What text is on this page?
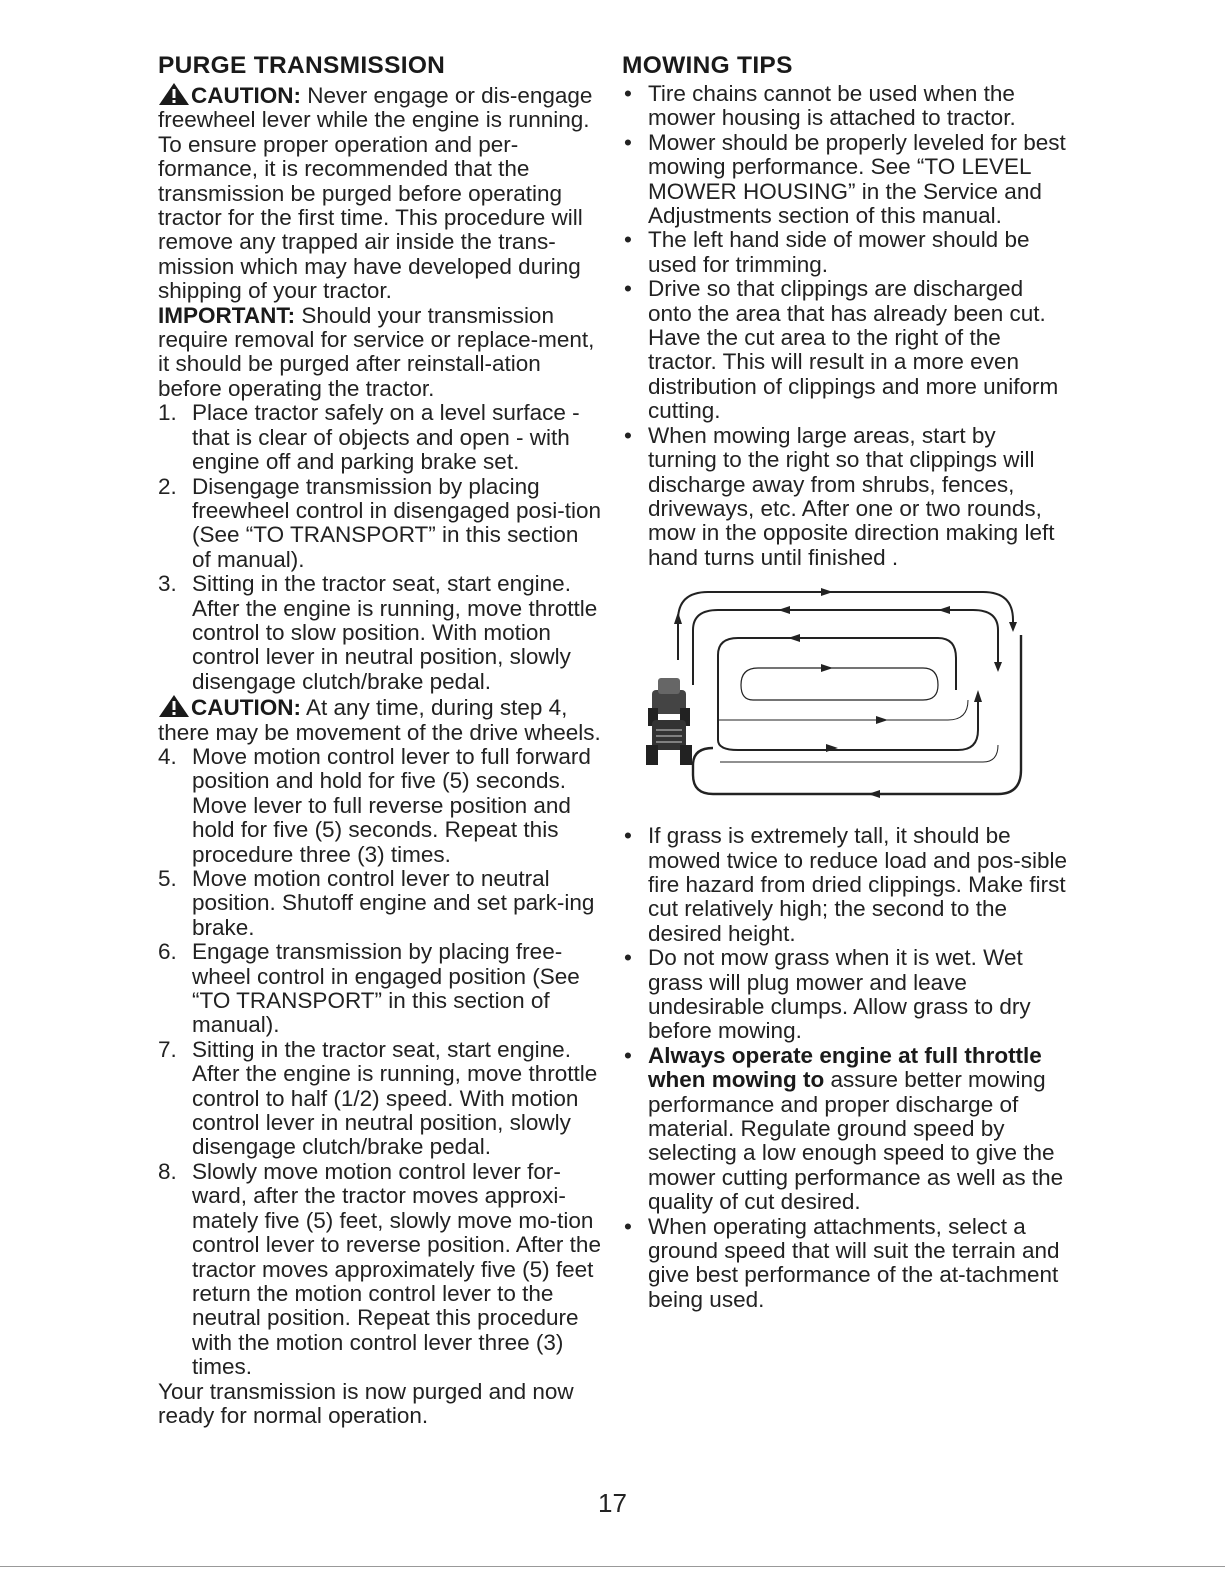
PURGE TRANSMISSION

CAUTION: Never engage or dis-engage freewheel lever while the engine is running.

To ensure proper operation and per-formance, it is recommended that the transmission be purged before operating tractor for the first time. This procedure will remove any trapped air inside the trans-mission which may have developed during shipping of your tractor.

IMPORTANT: Should your transmission require removal for service or replace-ment, it should be purged after reinstall-ation before operating the tractor.

1. Place tractor safely on a level surface - that is clear of objects and open - with engine off and parking brake set.
2. Disengage transmission by placing freewheel control in disengaged posi-tion (See “TO TRANSPORT” in this section of manual).
3. Sitting in the tractor seat, start engine. After the engine is running, move throttle control to slow position. With motion control lever in neutral position, slowly disengage clutch/brake pedal.

CAUTION: At any time, during step 4, there may be movement of the drive wheels.

4. Move motion control lever to full forward position and hold for five (5) seconds. Move lever to full reverse position and hold for five (5) seconds. Repeat this procedure three (3) times.
5. Move motion control lever to neutral position. Shutoff engine and set park-ing brake.
6. Engage transmission by placing free-wheel control in engaged position (See “TO TRANSPORT” in this section of manual).
7. Sitting in the tractor seat, start engine. After the engine is running, move throttle control to half (1/2) speed. With motion control lever in neutral position, slowly disengage clutch/brake pedal.
8. Slowly move motion control lever for-ward, after the tractor moves approxi-mately five (5) feet, slowly move mo-tion control lever to reverse position. After the tractor moves approximately five (5) feet return the motion control lever to the neutral position. Repeat this procedure with the motion control lever three (3) times.

Your transmission is now purged and now ready for normal operation.

MOWING TIPS
• Tire chains cannot be used when the mower housing is attached to tractor.
• Mower should be properly leveled for best mowing performance. See “TO LEVEL MOWER HOUSING” in the Service and Adjustments section of this manual.
• The left hand side of mower should be used for trimming.
• Drive so that clippings are discharged onto the area that has already been cut. Have the cut area to the right of the tractor. This will result in a more even distribution of clippings and more uniform cutting.
• When mowing large areas, start by turning to the right so that clippings will discharge away from shrubs, fences, driveways, etc. After one or two rounds, mow in the opposite direction making left hand turns until finished .
• If grass is extremely tall, it should be mowed twice to reduce load and pos-sible fire hazard from dried clippings. Make first cut relatively high; the second to the desired height.
• Do not mow grass when it is wet. Wet grass will plug mower and leave undesirable clumps. Allow grass to dry before mowing.
• Always operate engine at full throttle when mowing to assure better mowing performance and proper discharge of material. Regulate ground speed by selecting a low enough speed to give the mower cutting performance as well as the quality of cut desired.
• When operating attachments, select a ground speed that will suit the terrain and give best performance of the at-tachment being used.
17
